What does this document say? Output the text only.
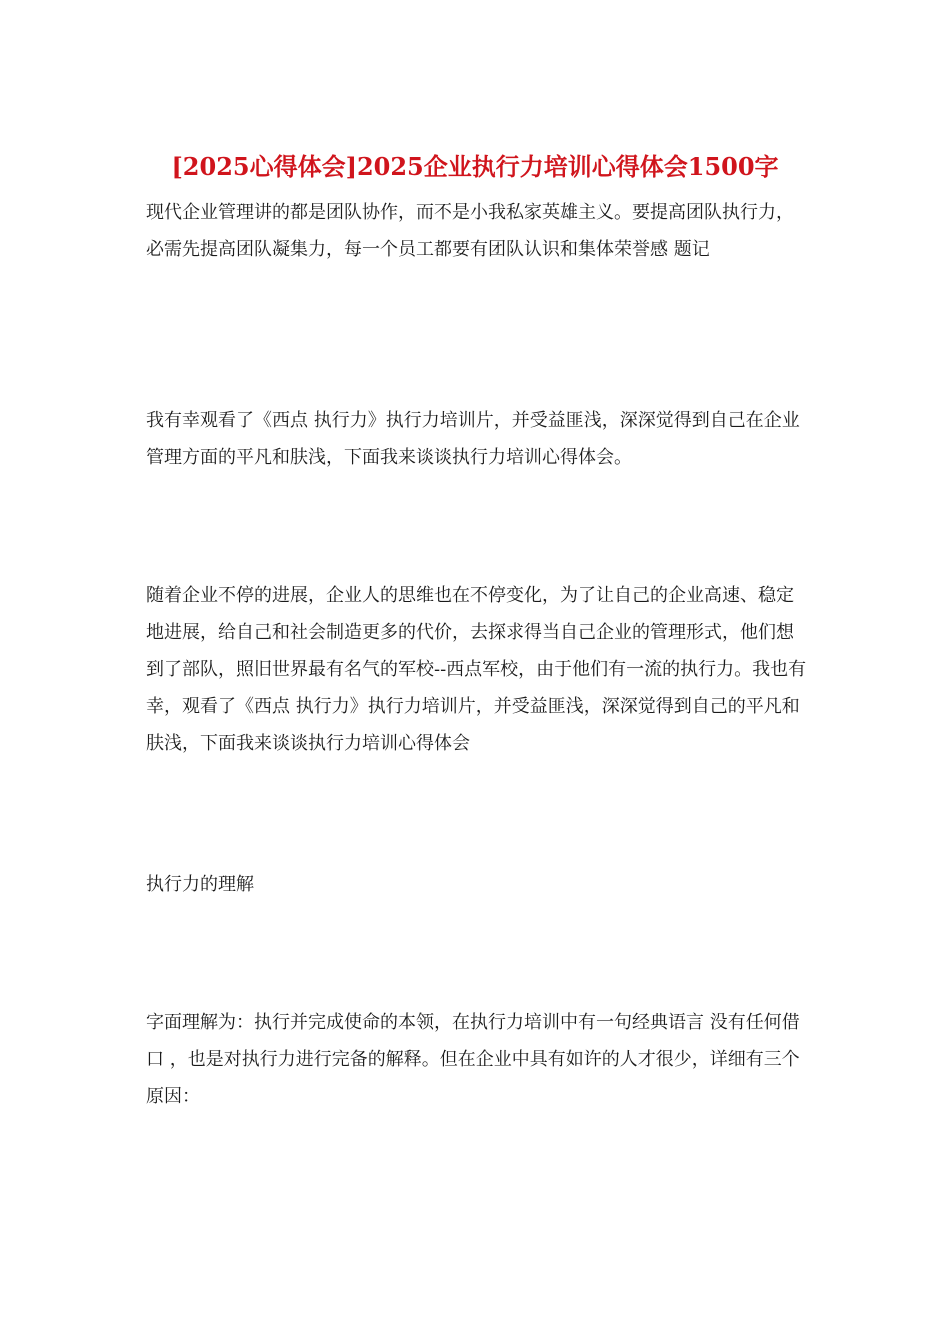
[2025心得体会]2025企业执行力培训心得体会1500字

现代企业管理讲的都是团队协作，而不是小我私家英雄主义。要提高团队执行力，必需先提高团队凝集力，每一个员工都要有团队认识和集体荣誉感 题记

我有幸观看了《西点 执行力》执行力培训片，并受益匪浅，深深觉得到自己在企业管理方面的平凡和肤浅，下面我来谈谈执行力培训心得体会。

随着企业不停的进展，企业人的思维也在不停变化，为了让自己的企业高速、稳定地进展，给自己和社会制造更多的代价，去探求得当自己企业的管理形式，他们想到了部队，照旧世界最有名气的军校--西点军校，由于他们有一流的执行力。我也有幸，观看了《西点 执行力》执行力培训片，并受益匪浅，深深觉得到自己的平凡和肤浅，下面我来谈谈执行力培训心得体会

执行力的理解

字面理解为：执行并完成使命的本领，在执行力培训中有一句经典语言 没有任何借口 ，也是对执行力进行完备的解释。但在企业中具有如许的人才很少，详细有三个原因：
